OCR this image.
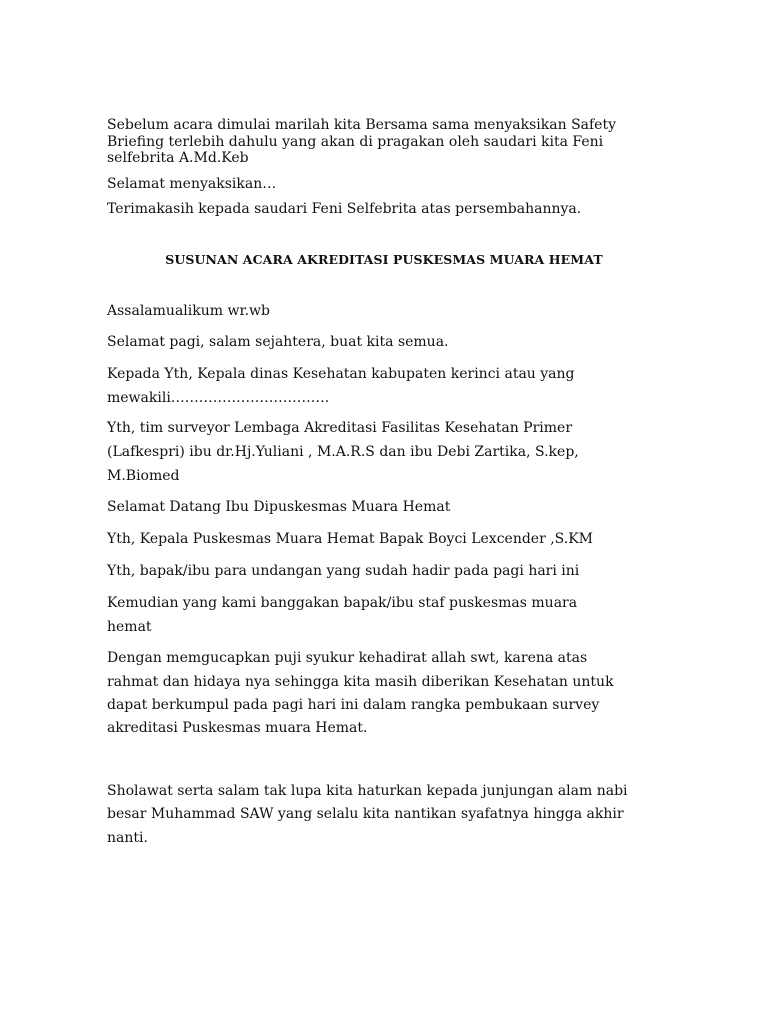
Sebelum acara dimulai marilah kita Bersama sama menyaksikan Safety

Briefing terlebih dahulu yang akan di pragakan oleh saudari kita Feni

selfebrita A.Md.Keb

Selamat menyaksikan…

Terimakasih kepada saudari Feni Selfebrita atas persembahannya.

SUSUNAN ACARA AKREDITASI PUSKESMAS MUARA HEMAT

Assalamualikum wr.wb

Selamat pagi, salam sejahtera, buat kita semua.

Kepada Yth, Kepala dinas Kesehatan kabupaten kerinci atau yang

mewakili…………………………….

Yth, tim surveyor Lembaga Akreditasi Fasilitas Kesehatan Primer

(Lafkespri) ibu dr.Hj.Yuliani , M.A.R.S dan ibu Debi Zartika, S.kep,

M.Biomed

Selamat Datang Ibu Dipuskesmas Muara Hemat

Yth, Kepala Puskesmas Muara Hemat Bapak Boyci Lexcender ,S.KM

Yth, bapak/ibu para undangan yang sudah hadir pada pagi hari ini

Kemudian yang kami banggakan bapak/ibu staf puskesmas muara

hemat

Dengan memgucapkan puji syukur kehadirat allah swt, karena atas

rahmat dan hidaya nya sehingga kita masih diberikan Kesehatan untuk

dapat berkumpul pada pagi hari ini dalam rangka pembukaan survey

akreditasi Puskesmas muara Hemat.

Sholawat serta salam tak lupa kita haturkan kepada junjungan alam nabi

besar Muhammad SAW yang selalu kita nantikan syafatnya hingga akhir

nanti.
